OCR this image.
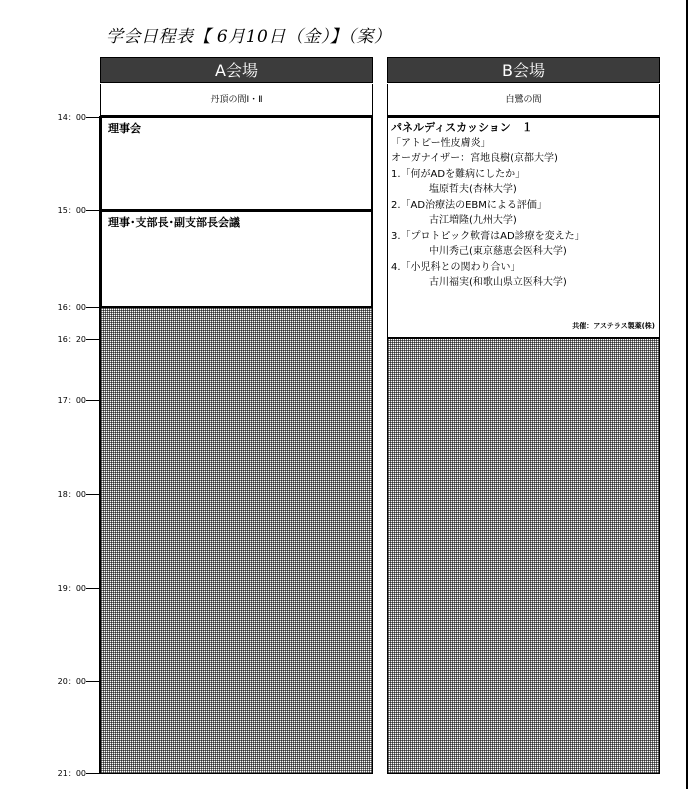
学会日程表【 6月10日（金）】（案）
A会場	B会場
丹頂の間Ⅰ・Ⅱ	白鷺の間
14：00
15：00
16：00
16：20
17：00
18：00
19：00
20：00
21：00
理事会
理事･支部長･副支部長会議
パネルディスカッション　１
「アトピー性皮膚炎」
オーガナイザー：宮地良樹(京都大学)
1.「何がADを難病にしたか」
塩原哲夫(杏林大学)
2.「AD治療法のEBMによる評価」
古江増隆(九州大学)
3.「プロトピック軟膏はAD診療を変えた」
中川秀己(東京慈恵会医科大学)
4.「小児科との関わり合い」
古川福実(和歌山県立医科大学)
共催：アステラス製薬(株)
